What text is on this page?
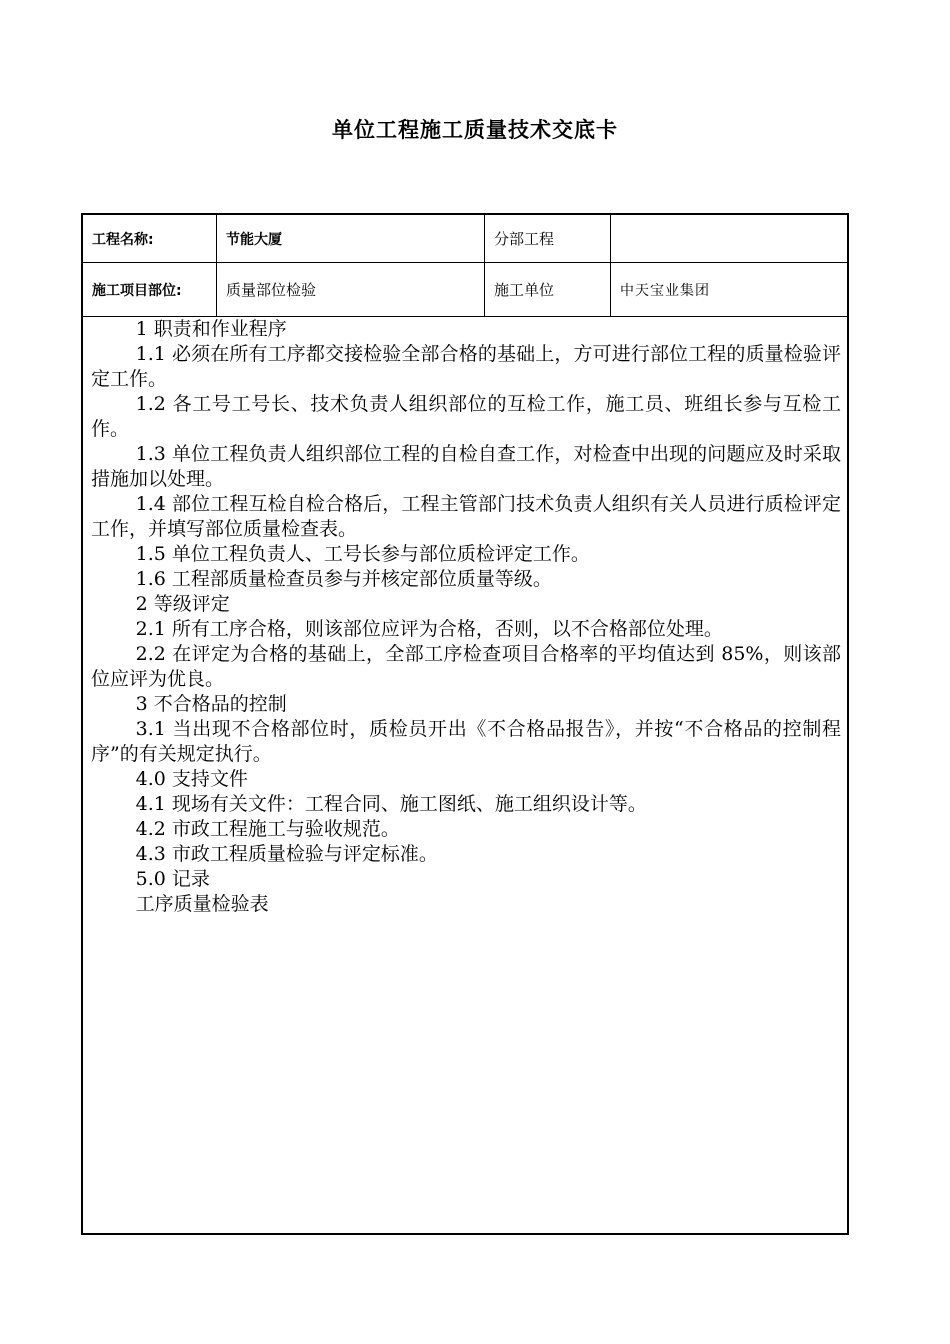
单位工程施工质量技术交底卡
工程名称:	节能大厦	分部工程
施工项目部位:	质量部位检验	施工单位	中天宝业集团

1 职责和作业程序

1.1 必须在所有工序都交接检验全部合格的基础上，方可进行部位工程的质量检验评定工作。

1.2 各工号工号长、技术负责人组织部位的互检工作，施工员、班组长参与互检工作。

1.3 单位工程负责人组织部位工程的自检自查工作，对检查中出现的问题应及时采取措施加以处理。

1.4 部位工程互检自检合格后，工程主管部门技术负责人组织有关人员进行质检评定工作，并填写部位质量检查表。

1.5 单位工程负责人、工号长参与部位质检评定工作。

1.6 工程部质量检查员参与并核定部位质量等级。

2 等级评定

2.1 所有工序合格，则该部位应评为合格，否则，以不合格部位处理。

2.2 在评定为合格的基础上，全部工序检查项目合格率的平均值达到 85%，则该部位应评为优良。

3 不合格品的控制

3.1 当出现不合格部位时，质检员开出《不合格品报告》，并按“不合格品的控制程序”的有关规定执行。

4.0 支持文件

4.1 现场有关文件：工程合同、施工图纸、施工组织设计等。

4.2 市政工程施工与验收规范。

4.3 市政工程质量检验与评定标准。

5.0 记录

工序质量检验表
